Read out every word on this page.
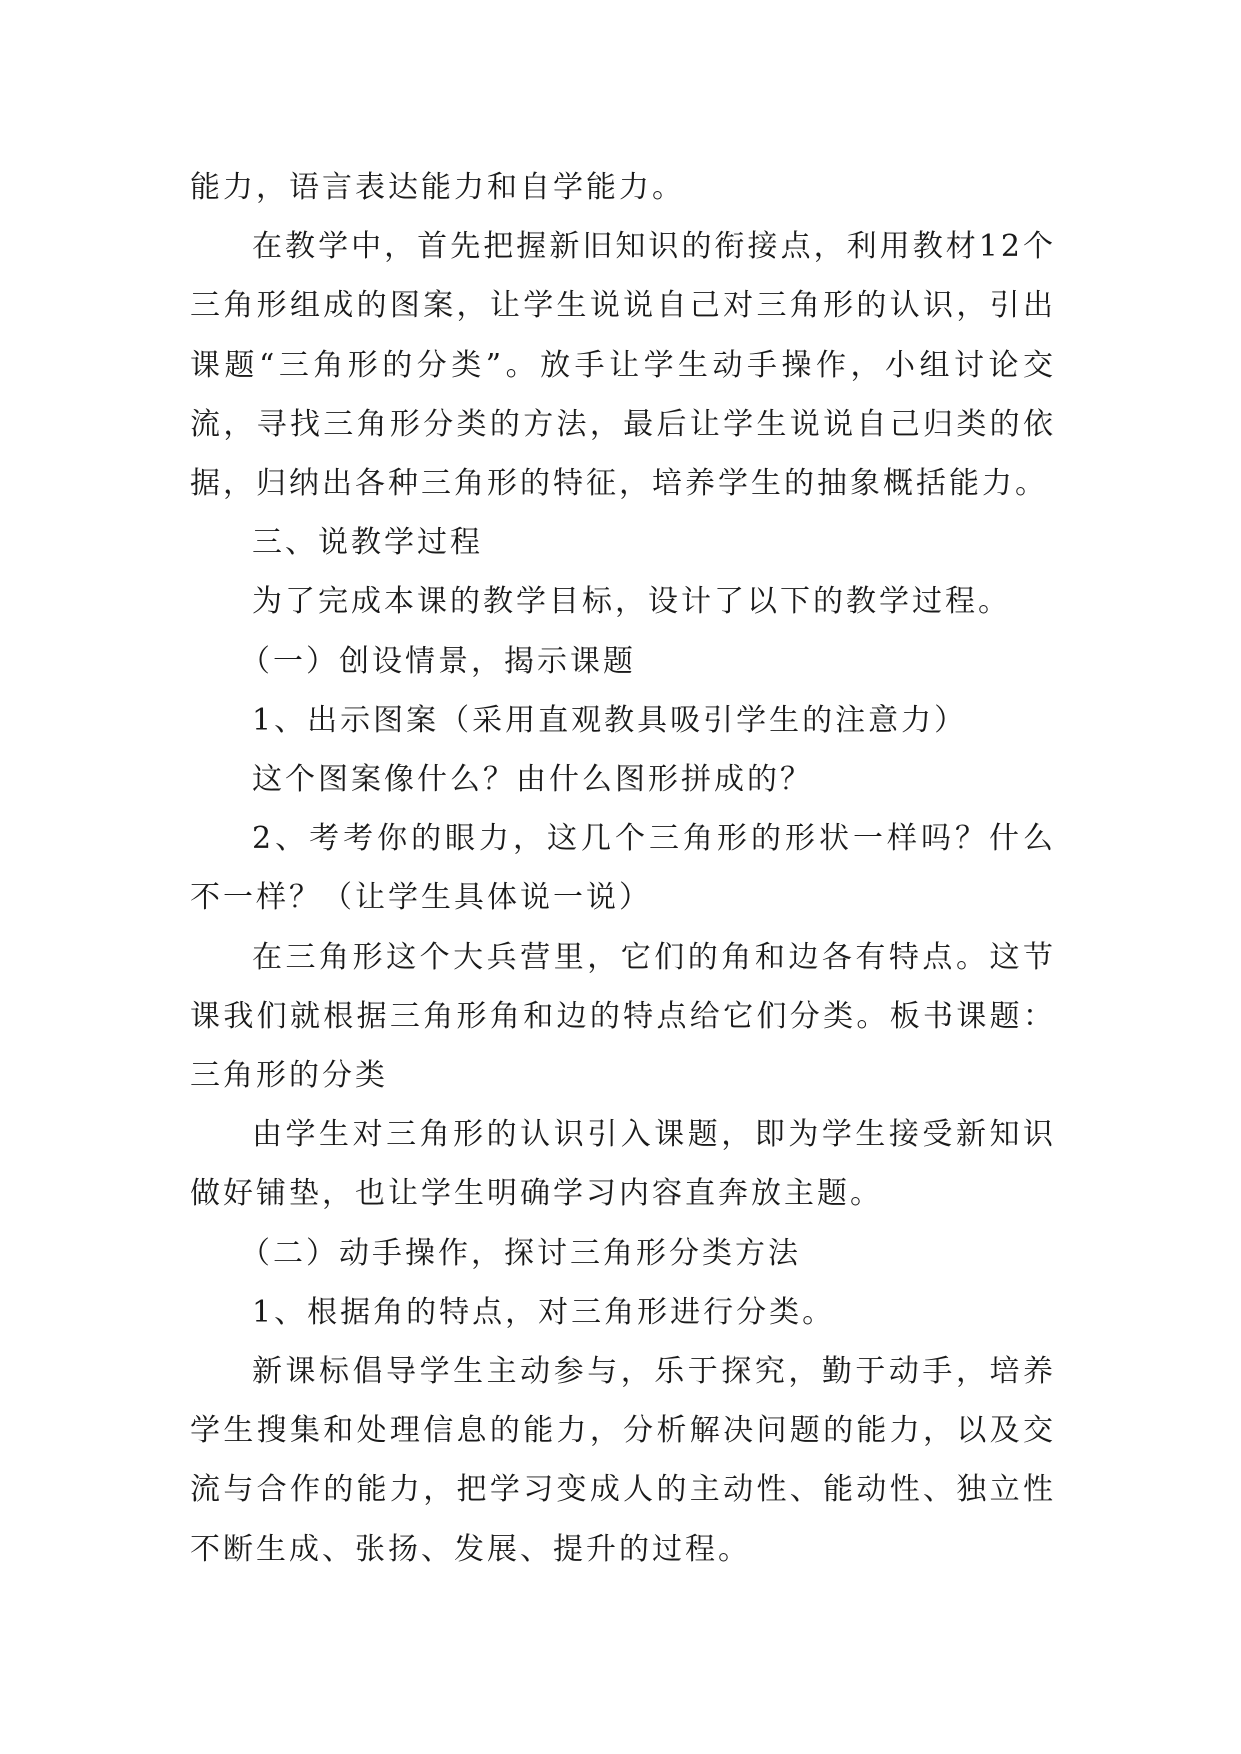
能力，语言表达能力和自学能力。

在教学中，首先把握新旧知识的衔接点，利用教材12个三角形组成的图案，让学生说说自己对三角形的认识，引出课题“三角形的分类”。放手让学生动手操作，小组讨论交流，寻找三角形分类的方法，最后让学生说说自己归类的依据，归纳出各种三角形的特征，培养学生的抽象概括能力。

三、说教学过程

为了完成本课的教学目标，设计了以下的教学过程。

（一）创设情景，揭示课题

1、出示图案（采用直观教具吸引学生的注意力）

这个图案像什么？由什么图形拼成的？

2、考考你的眼力，这几个三角形的形状一样吗？什么不一样？（让学生具体说一说）

在三角形这个大兵营里，它们的角和边各有特点。这节课我们就根据三角形角和边的特点给它们分类。板书课题：三角形的分类

由学生对三角形的认识引入课题，即为学生接受新知识做好铺垫，也让学生明确学习内容直奔放主题。

（二）动手操作，探讨三角形分类方法

1、根据角的特点，对三角形进行分类。

新课标倡导学生主动参与，乐于探究，勤于动手，培养学生搜集和处理信息的能力，分析解决问题的能力，以及交流与合作的能力，把学习变成人的主动性、能动性、独立性不断生成、张扬、发展、提升的过程。
